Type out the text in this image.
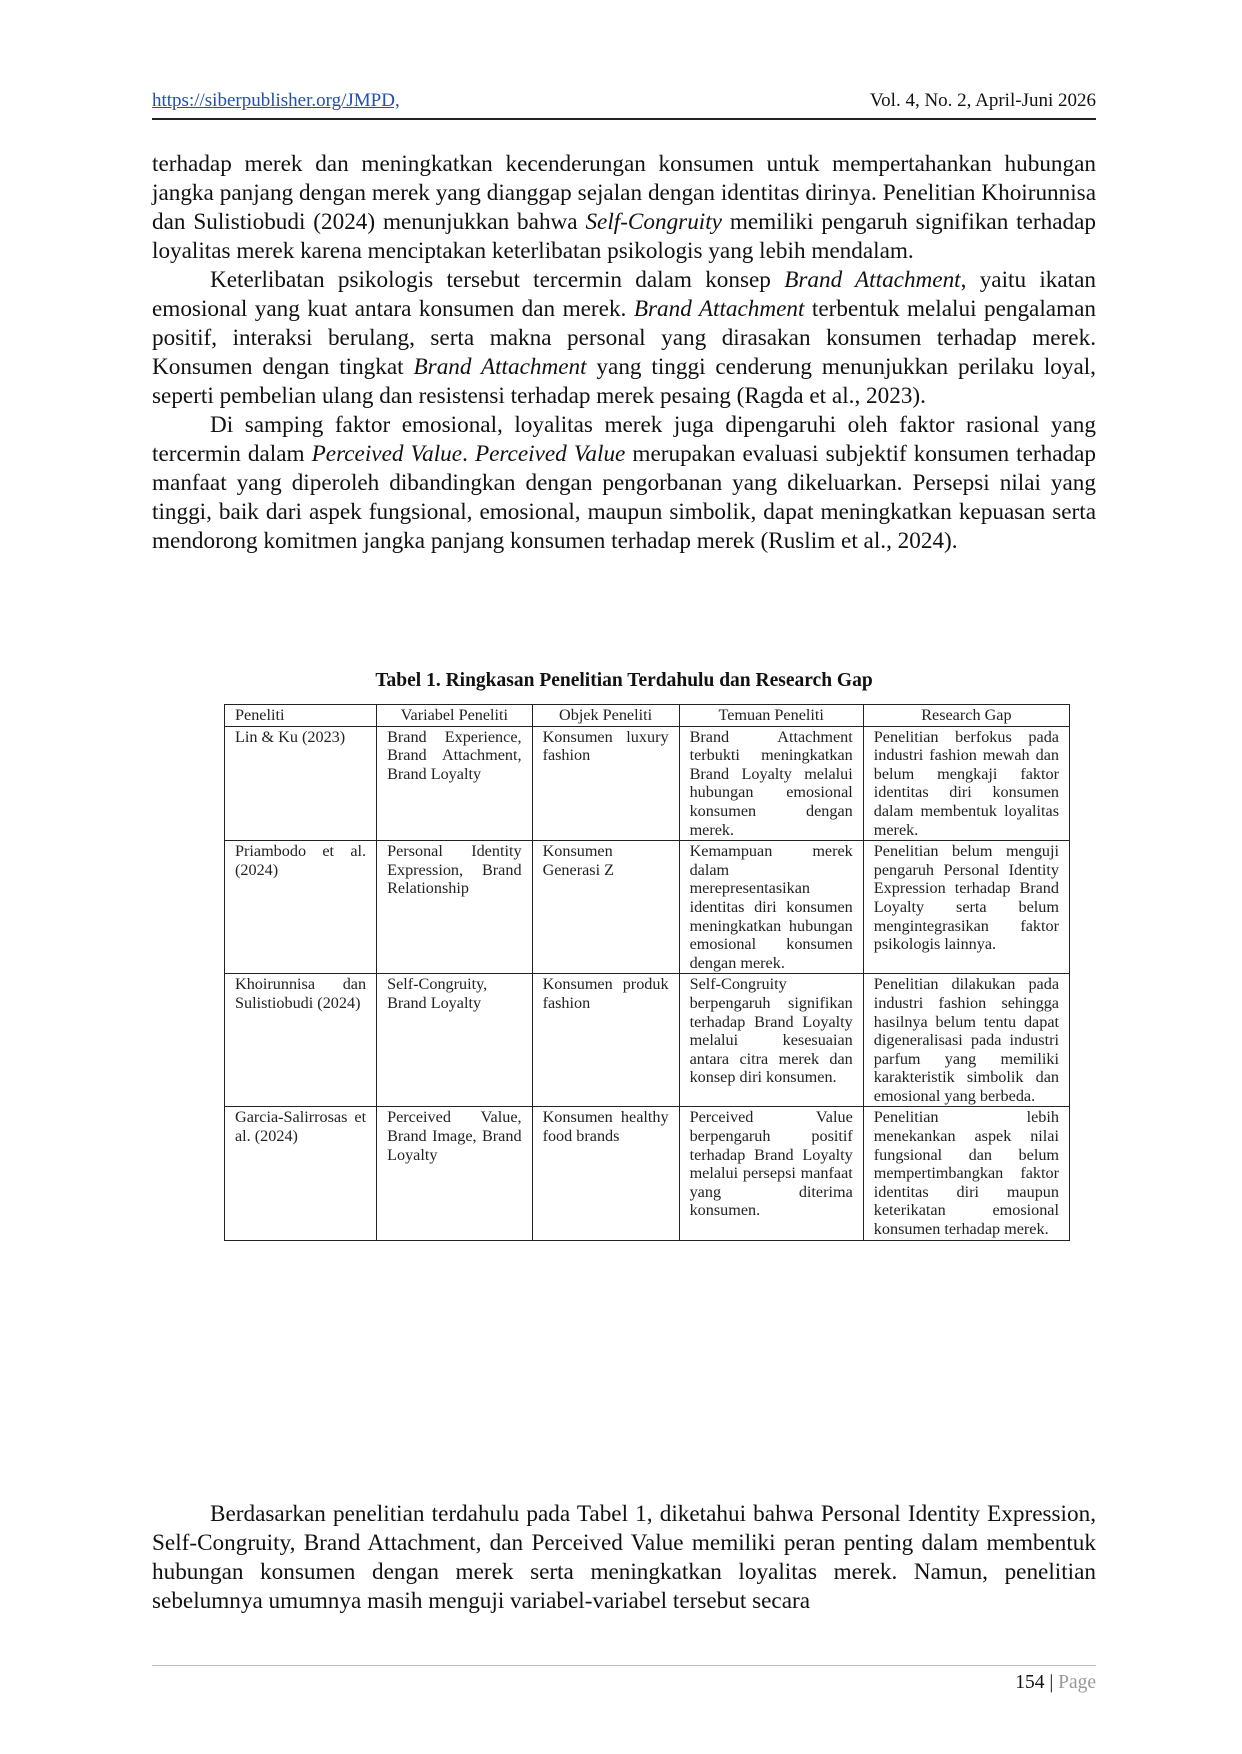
https://siberpublisher.org/JMPD,	Vol. 4, No. 2, April-Juni 2026

terhadap merek dan meningkatkan kecenderungan konsumen untuk mempertahankan hubungan jangka panjang dengan merek yang dianggap sejalan dengan identitas dirinya. Penelitian Khoirunnisa dan Sulistiobudi (2024) menunjukkan bahwa Self-Congruity memiliki pengaruh signifikan terhadap loyalitas merek karena menciptakan keterlibatan psikologis yang lebih mendalam.

Keterlibatan psikologis tersebut tercermin dalam konsep Brand Attachment, yaitu ikatan emosional yang kuat antara konsumen dan merek. Brand Attachment terbentuk melalui pengalaman positif, interaksi berulang, serta makna personal yang dirasakan konsumen terhadap merek. Konsumen dengan tingkat Brand Attachment yang tinggi cenderung menunjukkan perilaku loyal, seperti pembelian ulang dan resistensi terhadap merek pesaing (Ragda et al., 2023).

Di samping faktor emosional, loyalitas merek juga dipengaruhi oleh faktor rasional yang tercermin dalam Perceived Value. Perceived Value merupakan evaluasi subjektif konsumen terhadap manfaat yang diperoleh dibandingkan dengan pengorbanan yang dikeluarkan. Persepsi nilai yang tinggi, baik dari aspek fungsional, emosional, maupun simbolik, dapat meningkatkan kepuasan serta mendorong komitmen jangka panjang konsumen terhadap merek (Ruslim et al., 2024).

Tabel 1. Ringkasan Penelitian Terdahulu dan Research Gap
Peneliti	Variabel Peneliti	Objek Peneliti	Temuan Peneliti	Research Gap
Lin & Ku (2023)	Brand Experience, Brand Attachment, Brand Loyalty	Konsumen luxury fashion	Brand Attachment terbukti meningkatkan Brand Loyalty melalui hubungan emosional konsumen dengan merek.	Penelitian berfokus pada industri fashion mewah dan belum mengkaji faktor identitas diri konsumen dalam membentuk loyalitas merek.
Priambodo et al. (2024)	Personal Identity Expression, Brand Relationship	Konsumen Generasi Z	Kemampuan merek dalam merepresentasikan identitas diri konsumen meningkatkan hubungan emosional konsumen dengan merek.	Penelitian belum menguji pengaruh Personal Identity Expression terhadap Brand Loyalty serta belum mengintegrasikan faktor psikologis lainnya.
Khoirunnisa dan Sulistiobudi (2024)	Self-Congruity, Brand Loyalty	Konsumen produk fashion	Self-Congruity berpengaruh signifikan terhadap Brand Loyalty melalui kesesuaian antara citra merek dan konsep diri konsumen.	Penelitian dilakukan pada industri fashion sehingga hasilnya belum tentu dapat digeneralisasi pada industri parfum yang memiliki karakteristik simbolik dan emosional yang berbeda.
Garcia-Salirrosas et al. (2024)	Perceived Value, Brand Image, Brand Loyalty	Konsumen healthy food brands	Perceived Value berpengaruh positif terhadap Brand Loyalty melalui persepsi manfaat yang diterima konsumen.	Penelitian lebih menekankan aspek nilai fungsional dan belum mempertimbangkan faktor identitas diri maupun keterikatan emosional konsumen terhadap merek.

Berdasarkan penelitian terdahulu pada Tabel 1, diketahui bahwa Personal Identity Expression, Self-Congruity, Brand Attachment, dan Perceived Value memiliki peran penting dalam membentuk hubungan konsumen dengan merek serta meningkatkan loyalitas merek. Namun, penelitian sebelumnya umumnya masih menguji variabel-variabel tersebut secara

154 | Page
